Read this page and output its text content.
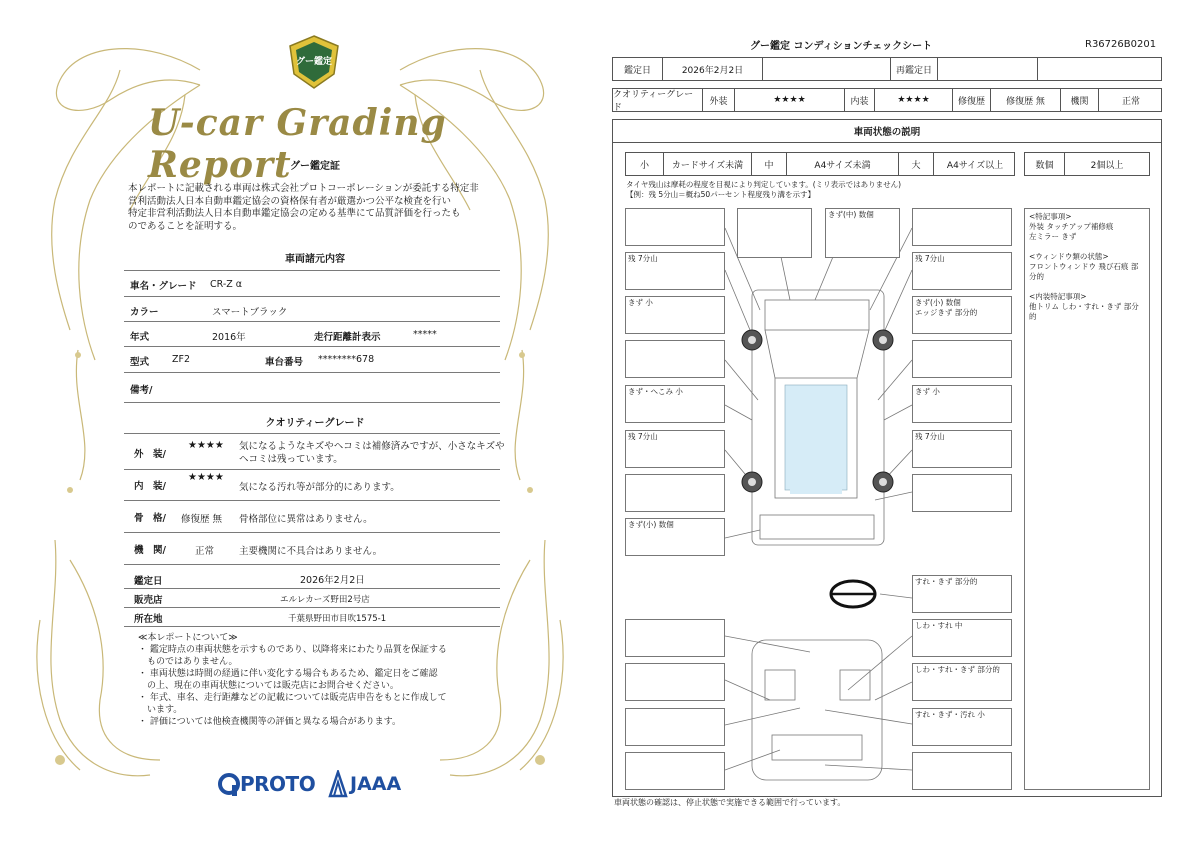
グー鑑定
U-car Grading Report
グー鑑定証
本レポートに記載される車両は株式会社プロトコーポレーションが委託する特定非
営利活動法人日本自動車鑑定協会の資格保有者が厳選かつ公平な検査を行い
特定非営利活動法人日本自動車鑑定協会の定める基準にて品質評価を行ったも
のであることを証明する。
車両諸元内容
車名・グレード CR-Z α
カラー	スマートブラック
年式	2016年	走行距離計表示	*****
型式 ZF2	車台番号 ********678
備考/
クオリティーグレード
外　装/
★★★★ 気になるようなキズやヘコミは補修済みですが、小さなキズや
ヘコミは残っています。
内　装/
★★★★
気になる汚れ等が部分的にあります。
骨　格/ 修復歴 無 骨格部位に異常はありません。
機　関/	正常	主要機関に不具合はありません。
鑑定日	2026年2月2日
販売店	エルレカーズ野田2号店
所在地	千葉県野田市目吹1575-1
≪本レポートについて≫
・ 鑑定時点の車両状態を示すものであり、以降将来にわたり品質を保証する
　ものではありません。
・ 車両状態は時間の経過に伴い変化する場合もあるため、鑑定日をご確認
　の上、現在の車両状態については販売店にお問合せください。
・ 年式、車名、走行距離などの記載については販売店申告をもとに作成して
　います。
・ 評価については他検査機関等の評価と異なる場合があります。
PROTO JAAA
グー鑑定 コンディションチェックシート	R36726B0201
鑑定日	2026年2月2日	再鑑定日
クオリティーグレード
外装	★★★★	内装	★★★★	修復歴	修復歴 無	機関	正常
車両状態の説明
小	カードサイズ未満	中	A4サイズ未満	大	A4サイズ以上	数個	2個以上
タイヤ残山は摩耗の程度を目視により判定しています。(ミリ表示ではありません)
【例：残 5分山＝概ね50パーセント程度残り溝を示す】
きず(中) 数個
残 7分山	残 7分山
きず 小	きず(小) 数個
エッジきず 部分的
きず・へこみ 小	きず 小
残 7分山	残 7分山
きず(小) 数個
すれ・きず 部分的
しわ・すれ 中
しわ・すれ・きず 部分的
すれ・きず・汚れ 小
<特記事項>
外装 タッチアップ補修痕
左ミラー きず
<ウィンドウ類の状態>
フロントウィンドウ 飛び石痕 部分的
<内装特記事項>
他トリム しわ・すれ・きず 部分的
車両状態の確認は、停止状態で実施できる範囲で行っています。
